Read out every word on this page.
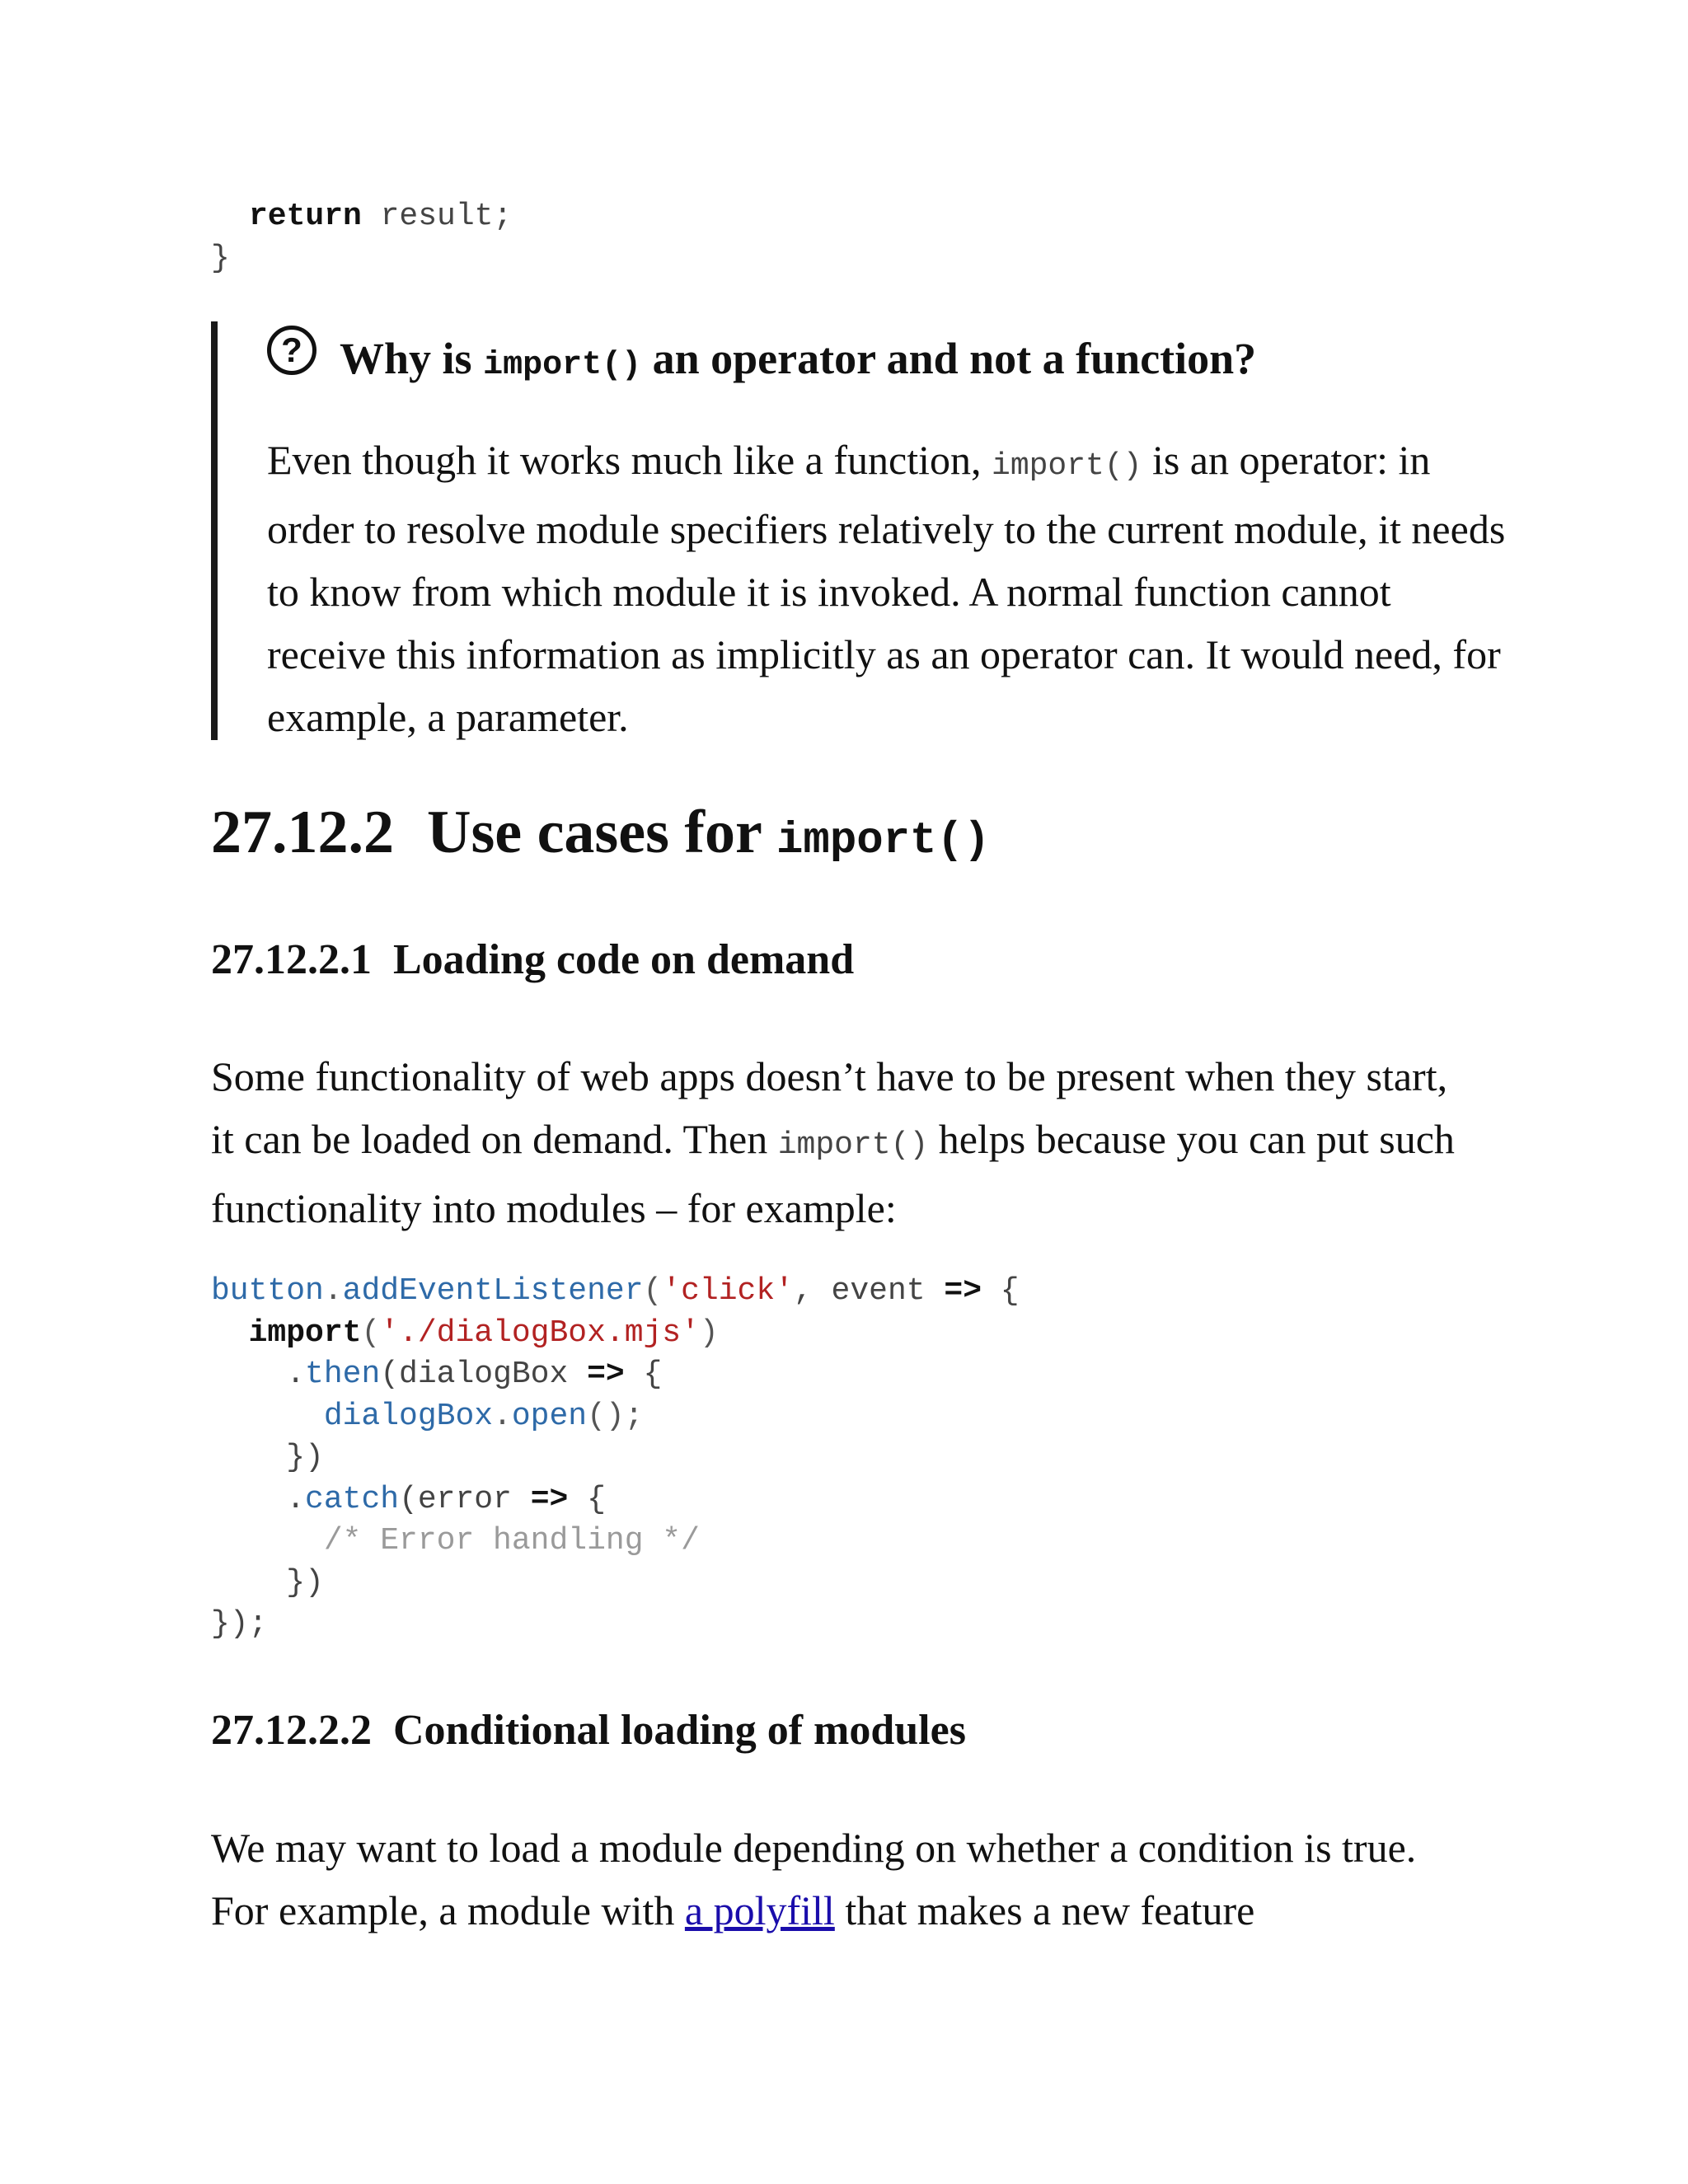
return result;
}
? Why is import() an operator and not a function?

Even though it works much like a function, import() is an operator: in order to resolve module specifiers relatively to the current module, it needs to know from which module it is invoked. A normal function cannot receive this information as implicitly as an operator can. It would need, for example, a parameter.

27.12.2 Use cases for import()
27.12.2.1 Loading code on demand

Some functionality of web apps doesn’t have to be present when they start, it can be loaded on demand. Then import() helps because you can put such functionality into modules – for example:

button.addEventListener('click', event => {
import('./dialogBox.mjs')
.then(dialogBox => {
dialogBox.open();
})
.catch(error => {
/* Error handling */
})
});
27.12.2.2 Conditional loading of modules

We may want to load a module depending on whether a condition is true. For example, a module with a polyfill that makes a new feature
